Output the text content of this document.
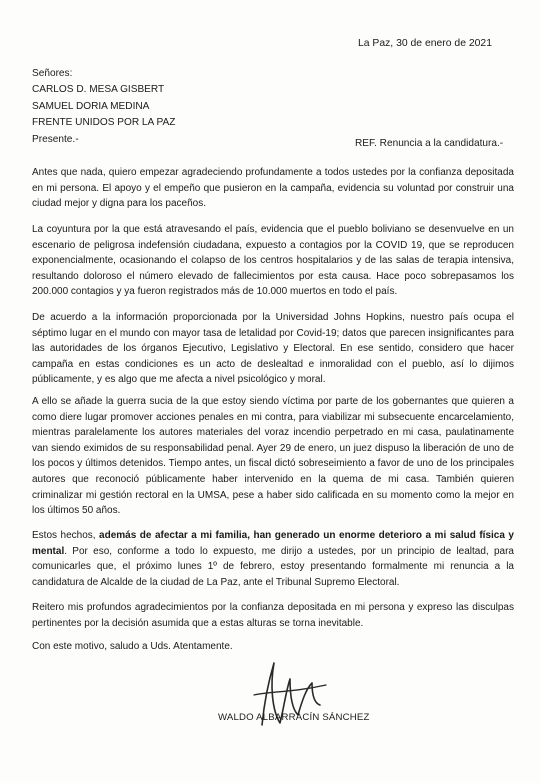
La Paz, 30 de enero de 2021
Señores:
CARLOS D. MESA GISBERT
SAMUEL DORIA MEDINA
FRENTE UNIDOS POR LA PAZ
Presente.-	REF. Renuncia a la candidatura.-
Antes que nada, quiero empezar agradeciendo profundamente a todos ustedes por la confianza depositada en mi persona. El apoyo y el empeño que pusieron en la campaña, evidencia su voluntad por construir una ciudad mejor y digna para los paceños.
La coyuntura por la que está atravesando el país, evidencia que el pueblo boliviano se desenvuelve en un escenario de peligrosa indefensión ciudadana, expuesto a contagios por la COVID 19, que se reproducen exponencialmente, ocasionando el colapso de los centros hospitalarios y de las salas de terapia intensiva, resultando doloroso el número elevado de fallecimientos por esta causa. Hace poco sobrepasamos los 200.000 contagios y ya fueron registrados más de 10.000 muertos en todo el país.
De acuerdo a la información proporcionada por la Universidad Johns Hopkins, nuestro país ocupa el séptimo lugar en el mundo con mayor tasa de letalidad por Covid-19; datos que parecen insignificantes para las autoridades de los órganos Ejecutivo, Legislativo y Electoral. En ese sentido, considero que hacer campaña en estas condiciones es un acto de deslealtad e inmoralidad con el pueblo, así lo dijimos públicamente, y es algo que me afecta a nivel psicológico y moral.
A ello se añade la guerra sucia de la que estoy siendo víctima por parte de los gobernantes que quieren a como diere lugar promover acciones penales en mi contra, para viabilizar mi subsecuente encarcelamiento, mientras paralelamente los autores materiales del voraz incendio perpetrado en mi casa, paulatinamente van siendo eximidos de su responsabilidad penal. Ayer 29 de enero, un juez dispuso la liberación de uno de los pocos y últimos detenidos. Tiempo antes, un fiscal dictó sobreseimiento a favor de uno de los principales autores que reconoció públicamente haber intervenido en la quema de mi casa. También quieren criminalizar mi gestión rectoral en la UMSA, pese a haber sido calificada en su momento como la mejor en los últimos 50 años.
Estos hechos, además de afectar a mi familia, han generado un enorme deterioro a mi salud física y mental. Por eso, conforme a todo lo expuesto, me dirijo a ustedes, por un principio de lealtad, para comunicarles que, el próximo lunes 1º de febrero, estoy presentando formalmente mi renuncia a la candidatura de Alcalde de la ciudad de La Paz, ante el Tribunal Supremo Electoral.
Reitero mis profundos agradecimientos por la confianza depositada en mi persona y expreso las disculpas pertinentes por la decisión asumida que a estas alturas se torna inevitable.
Con este motivo, saludo a Uds. Atentamente.
WALDO ALBARRACÍN SÁNCHEZ
